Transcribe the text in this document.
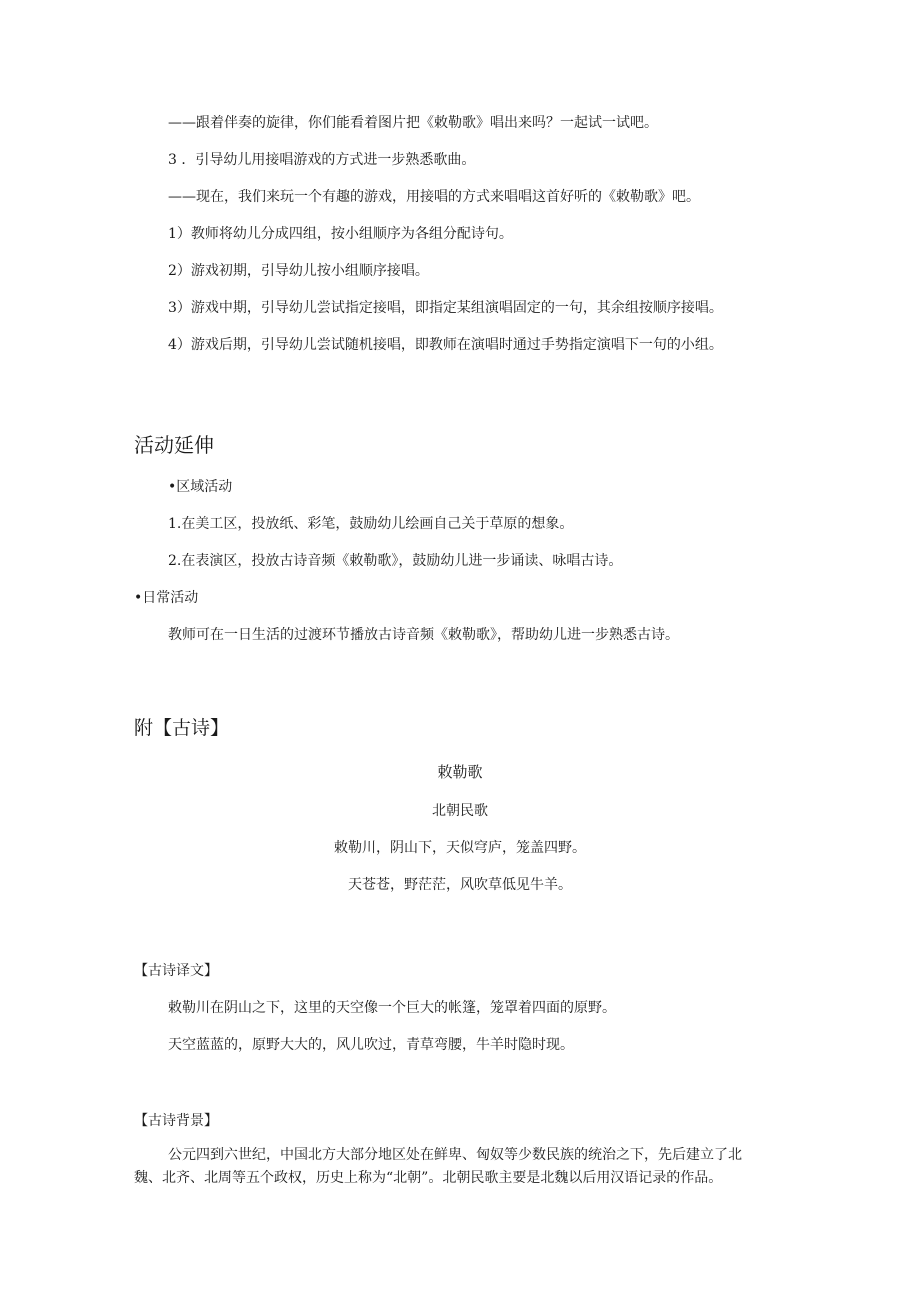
——跟着伴奏的旋律，你们能看着图片把《敕勒歌》唱出来吗？一起试一试吧。
3 ．引导幼儿用接唱游戏的方式进一步熟悉歌曲。
——现在，我们来玩一个有趣的游戏，用接唱的方式来唱唱这首好听的《敕勒歌》吧。
1）教师将幼儿分成四组，按小组顺序为各组分配诗句。
2）游戏初期，引导幼儿按小组顺序接唱。
3）游戏中期，引导幼儿尝试指定接唱，即指定某组演唱固定的一句，其余组按顺序接唱。
4）游戏后期，引导幼儿尝试随机接唱，即教师在演唱时通过手势指定演唱下一句的小组。
活动延伸
•区域活动
1.在美工区，投放纸、彩笔，鼓励幼儿绘画自己关于草原的想象。
2.在表演区，投放古诗音频《敕勒歌》，鼓励幼儿进一步诵读、咏唱古诗。
•日常活动
教师可在一日生活的过渡环节播放古诗音频《敕勒歌》，帮助幼儿进一步熟悉古诗。
附【古诗】
敕勒歌
北朝民歌
敕勒川，阴山下，天似穹庐，笼盖四野。
天苍苍，野茫茫，风吹草低见牛羊。
【古诗译文】
敕勒川在阴山之下，这里的天空像一个巨大的帐篷，笼罩着四面的原野。
天空蓝蓝的，原野大大的，风儿吹过，青草弯腰，牛羊时隐时现。
【古诗背景】
公元四到六世纪，中国北方大部分地区处在鲜卑、匈奴等少数民族的统治之下，先后建立了北
魏、北齐、北周等五个政权，历史上称为“北朝”。北朝民歌主要是北魏以后用汉语记录的作品。
